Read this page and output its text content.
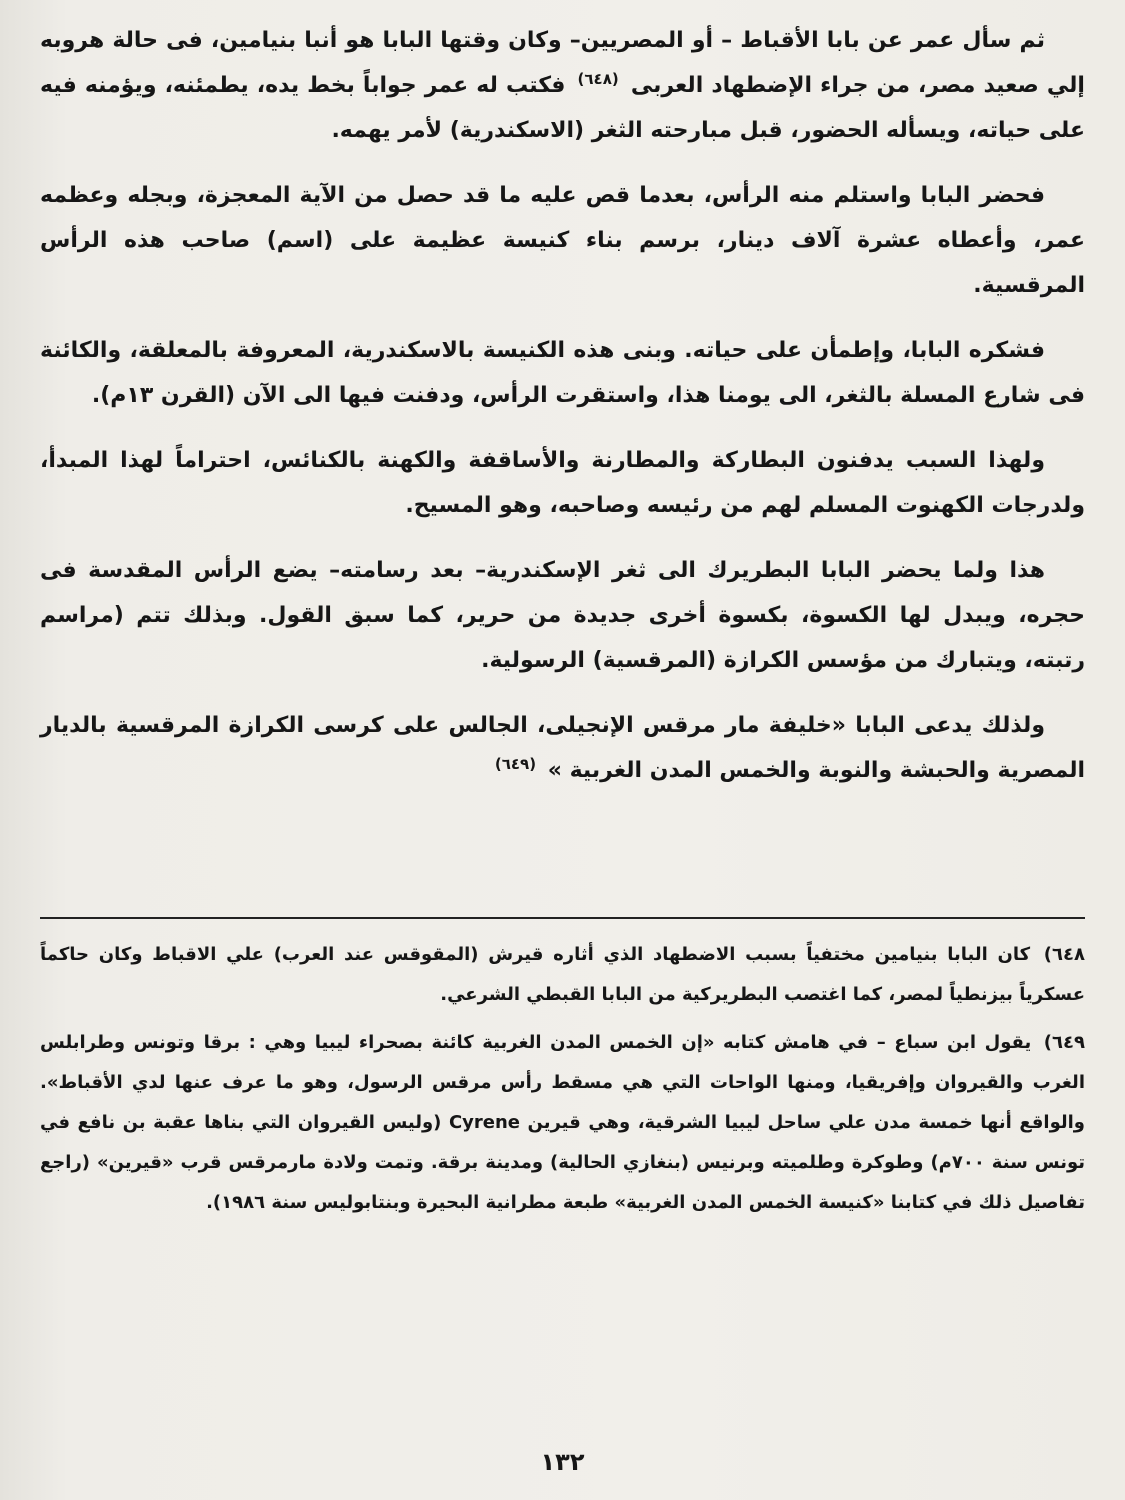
ثم سأل عمر عن بابا الأقباط – أو المصريين– وكان وقتها البابا هو أنبا بنيامين، فى حالة هروبه إلي صعيد مصر، من جراء الإضطهاد العربى $^{(٦٤٨)}$ فكتب له عمر جواباً بخط يده، يطمئنه، ويؤمنه فيه على حياته، ويسأله الحضور، قبل مبارحته الثغر (الاسكندرية) لأمر يهمه.

فحضر البابا واستلم منه الرأس، بعدما قص عليه ما قد حصل من الآية المعجزة، وبجله وعظمه عمر، وأعطاه عشرة آلاف دينار، برسم بناء كنيسة عظيمة على (اسم) صاحب هذه الرأس المرقسية.

فشكره البابا، وإطمأن على حياته. وبنى هذه الكنيسة بالاسكندرية، المعروفة بالمعلقة، والكائنة فى شارع المسلة بالثغر، الى يومنا هذا، واستقرت الرأس، ودفنت فيها الى الآن (القرن ١٣م).

ولهذا السبب يدفنون البطاركة والمطارنة والأساقفة والكهنة بالكنائس، احتراماً لهذا المبدأ، ولدرجات الكهنوت المسلم لهم من رئيسه وصاحبه، وهو المسيح.

هذا ولما يحضر البابا البطريرك الى ثغر الإسكندرية– بعد رسامته– يضع الرأس المقدسة فى حجره، ويبدل لها الكسوة، بكسوة أخرى جديدة من حرير، كما سبق القول. وبذلك تتم (مراسم رتبته، ويتبارك من مؤسس الكرازة (المرقسية) الرسولية.

ولذلك يدعى البابا «خليفة مار مرقس الإنجيلى، الجالس على كرسى الكرازة المرقسية بالديار المصرية والحبشة والنوبة والخمس المدن الغربية » $^{(٦٤٩)}$

٦٤٨) كان البابا بنيامين مختفياً بسبب الاضطهاد الذي أثاره قيرش (المقوقس عند العرب) علي الاقباط وكان حاكماً عسكرياً بيزنطياً لمصر، كما اغتصب البطريركية من البابا القبطي الشرعي.

٦٤٩) يقول ابن سباع – في هامش كتابه «إن الخمس المدن الغربية كائنة بصحراء ليبيا وهي : برقا وتونس وطرابلس الغرب والقيروان وإفريقيا، ومنها الواحات التي هي مسقط رأس مرقس الرسول، وهو ما عرف عنها لدي الأقباط». والواقع أنها خمسة مدن علي ساحل ليبيا الشرقية، وهي قيرين Cyrene (وليس القيروان التي بناها عقبة بن نافع في تونس سنة ٧٠٠م) وطوكرة وطلميته وبرنيس (بنغازي الحالية) ومدينة برقة. وتمت ولادة مارمرقس قرب «قيرين» (راجع تفاصيل ذلك في كتابنا «كنيسة الخمس المدن الغربية» طبعة مطرانية البحيرة وبنتابوليس سنة ١٩٨٦).

١٣٢
